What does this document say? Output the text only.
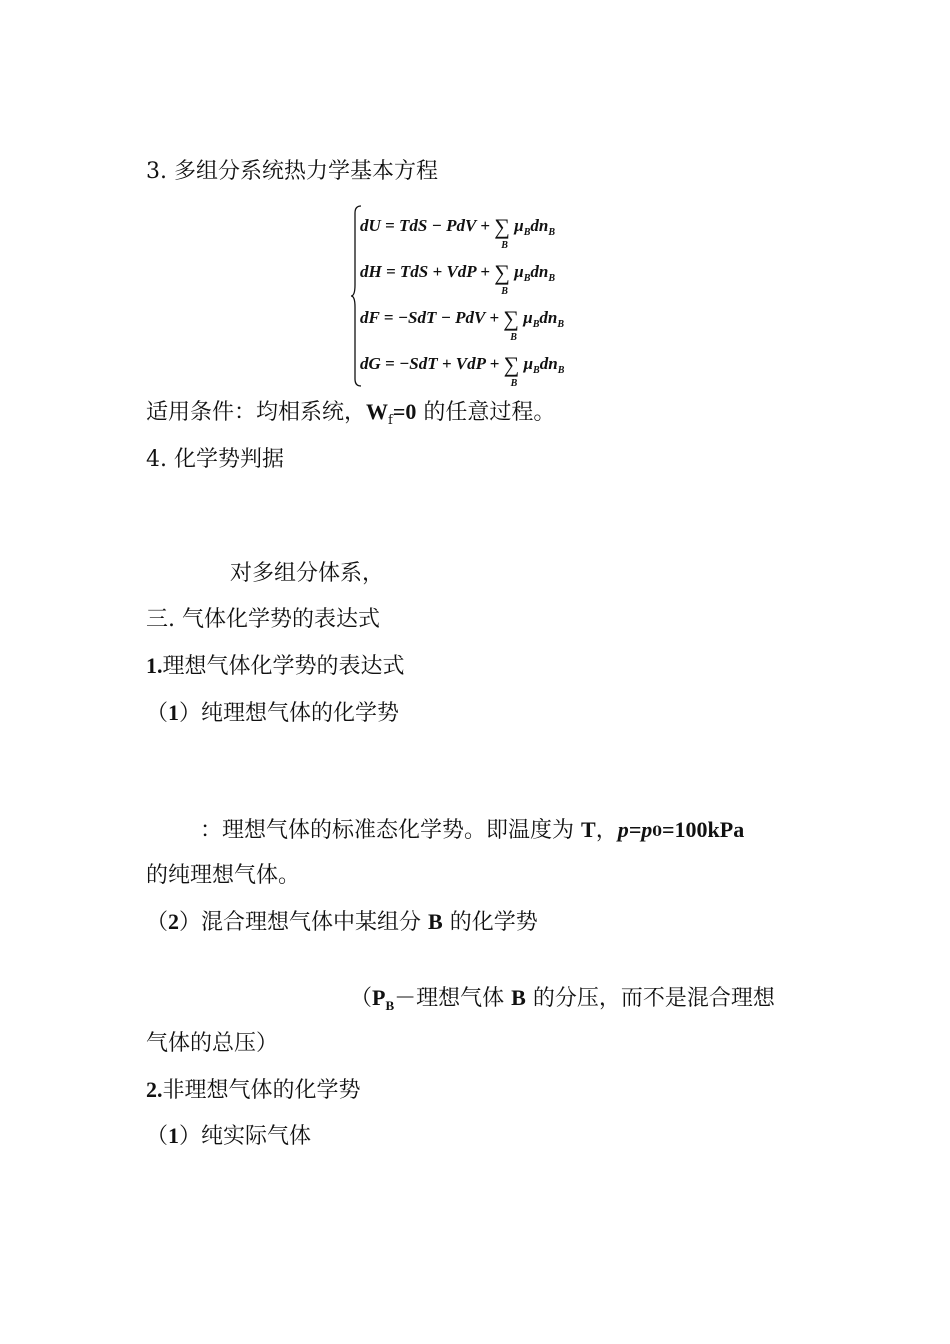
3. 多组分系统热力学基本方程
dU = TdS − PdV + ∑
B
$\mu_Bdn_B$
dH = TdS + VdP + ∑
B
$\mu_Bdn_B$
dF = −SdT − PdV + ∑
B
$\mu_Bdn_B$
dG = −SdT + VdP + ∑
B
$\mu_Bdn_B$
适用条件：均相系统，$W_f=0$ 的任意过程。
4. 化学势判据
对多组分体系，
三. 气体化学势的表达式
1.理想气体化学势的表达式
（1）纯理想气体的化学势
：理想气体的标准态化学势。即温度为 T，p=p0=100kPa
的纯理想气体。
（2）混合理想气体中某组分 B 的化学势
（$P_B-$理想气体 B 的分压，而不是混合理想
气体的总压）
2.非理想气体的化学势
（1）纯实际气体
